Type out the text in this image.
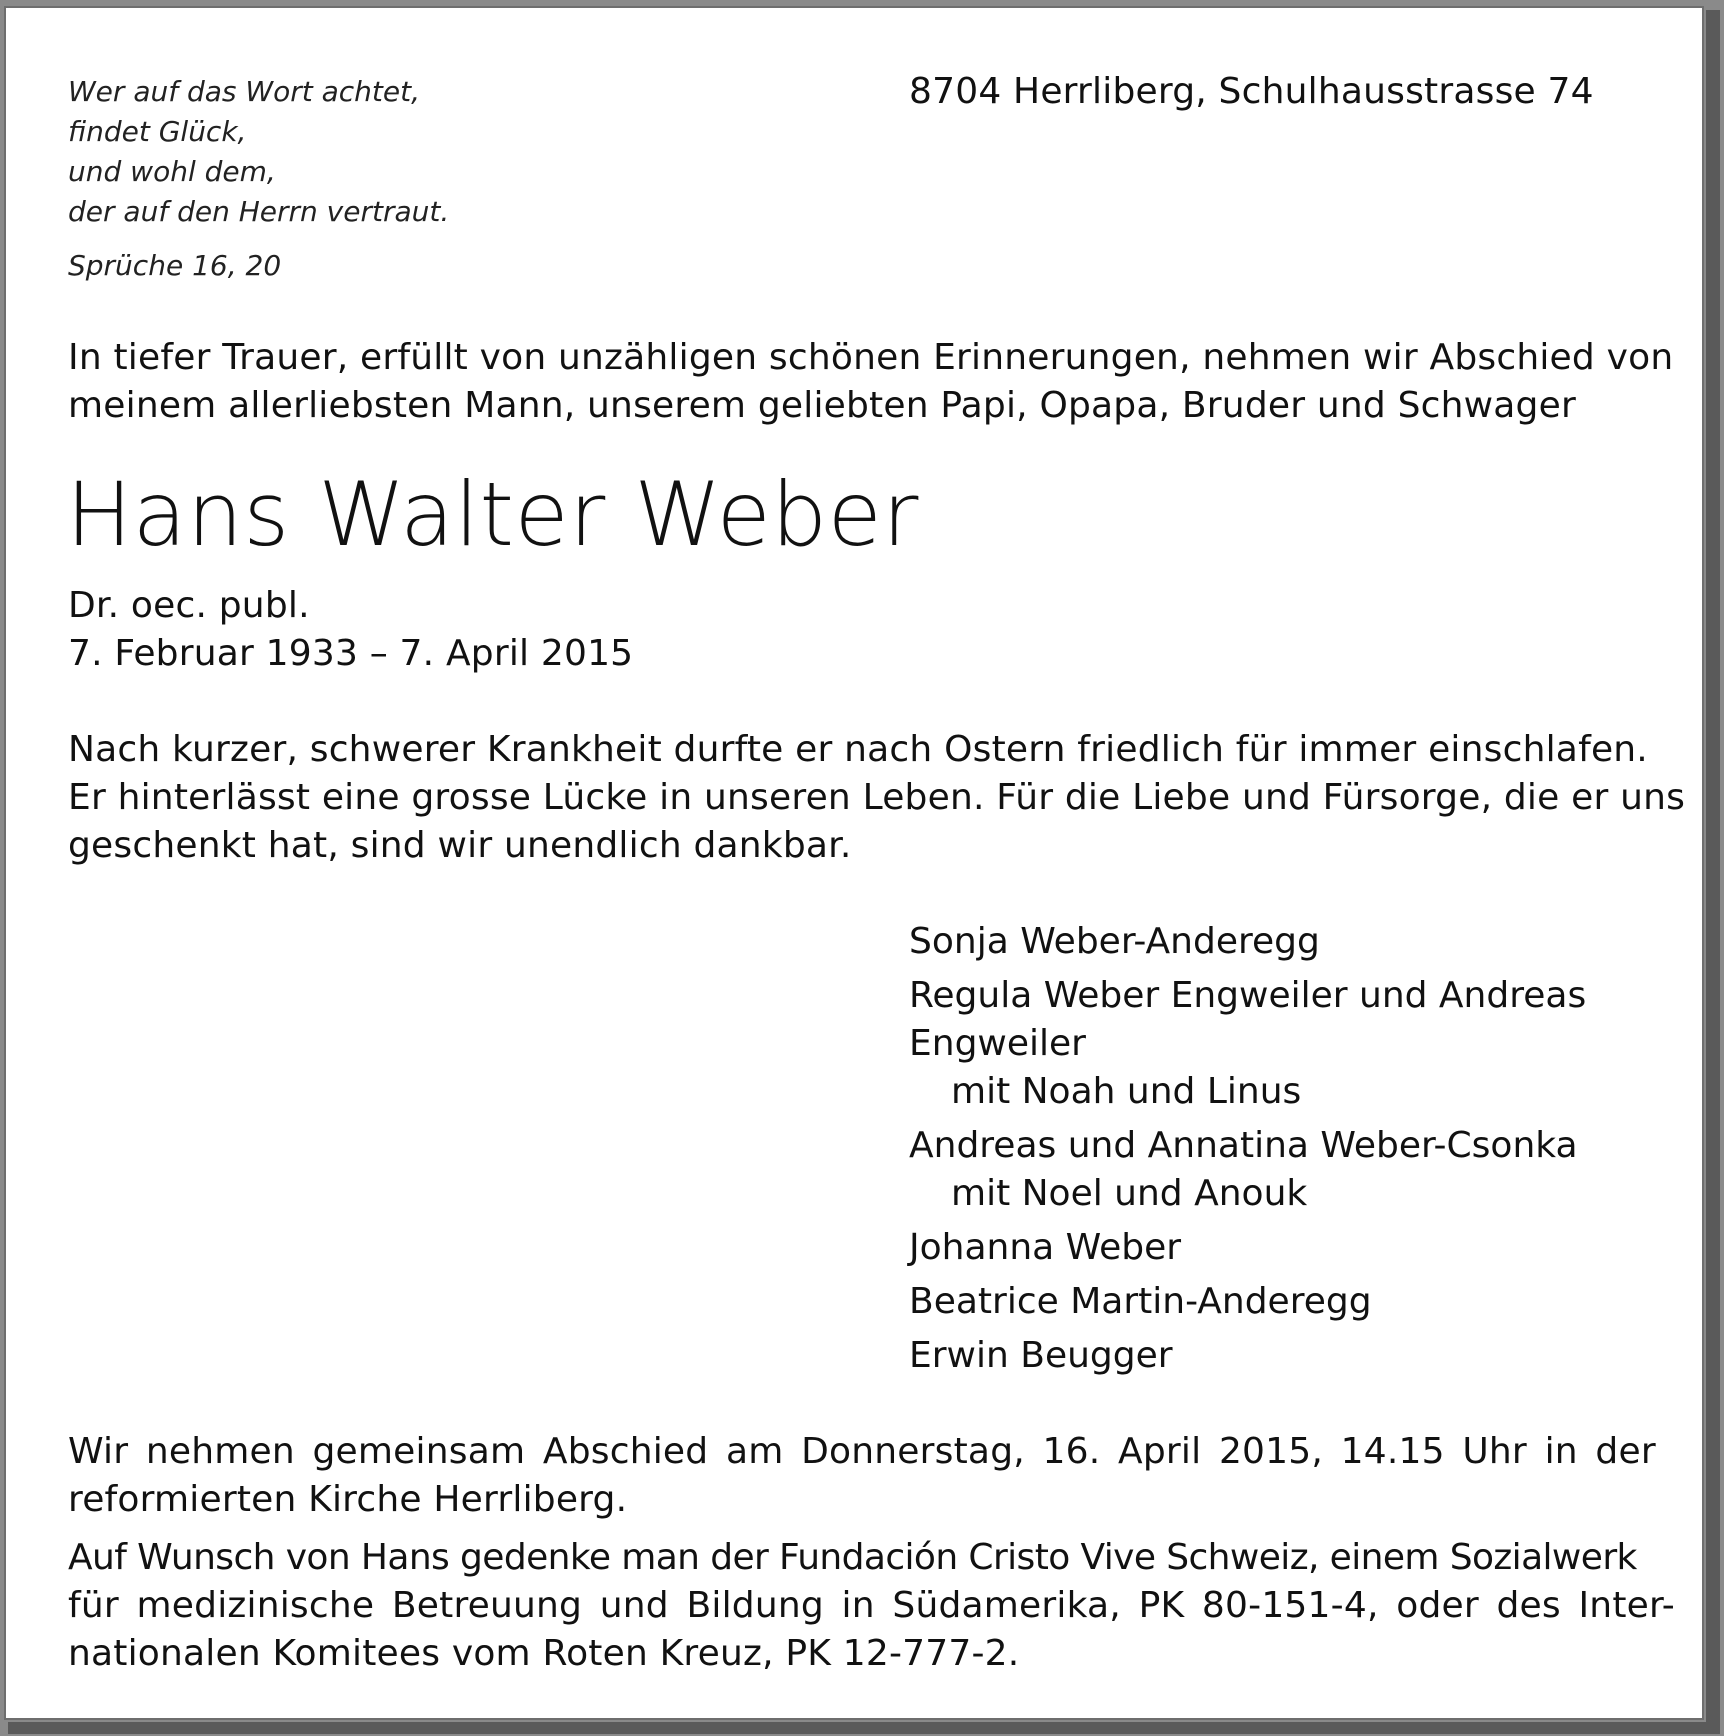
Wer auf das Wort achtet,
findet Glück,
und wohl dem,
der auf den Herrn vertraut.
Sprüche 16, 20
8704 Herrliberg, Schulhausstrasse 74
In tiefer Trauer, erfüllt von unzähligen schönen Erinnerungen, nehmen wir Abschied von
meinem allerliebsten Mann, unserem geliebten Papi, Opapa, Bruder und Schwager
Hans Walter Weber
Dr. oec. publ.
7. Februar 1933 – 7. April 2015
Nach kurzer, schwerer Krankheit durfte er nach Ostern friedlich für immer einschlafen.
Er hinterlässt eine grosse Lücke in unseren Leben. Für die Liebe und Fürsorge, die er uns
geschenkt hat, sind wir unendlich dankbar.
Sonja Weber-Anderegg
Regula Weber Engweiler und Andreas
Engweiler
mit Noah und Linus
Andreas und Annatina Weber-Csonka
mit Noel und Anouk
Johanna Weber
Beatrice Martin-Anderegg
Erwin Beugger
Wir nehmen gemeinsam Abschied am Donnerstag, 16. April 2015, 14.15 Uhr in der
reformierten Kirche Herrliberg.
Auf Wunsch von Hans gedenke man der Fundación Cristo Vive Schweiz, einem Sozialwerk
für medizinische Betreuung und Bildung in Südamerika, PK 80-151-4, oder des Inter-
nationalen Komitees vom Roten Kreuz, PK 12-777-2.
